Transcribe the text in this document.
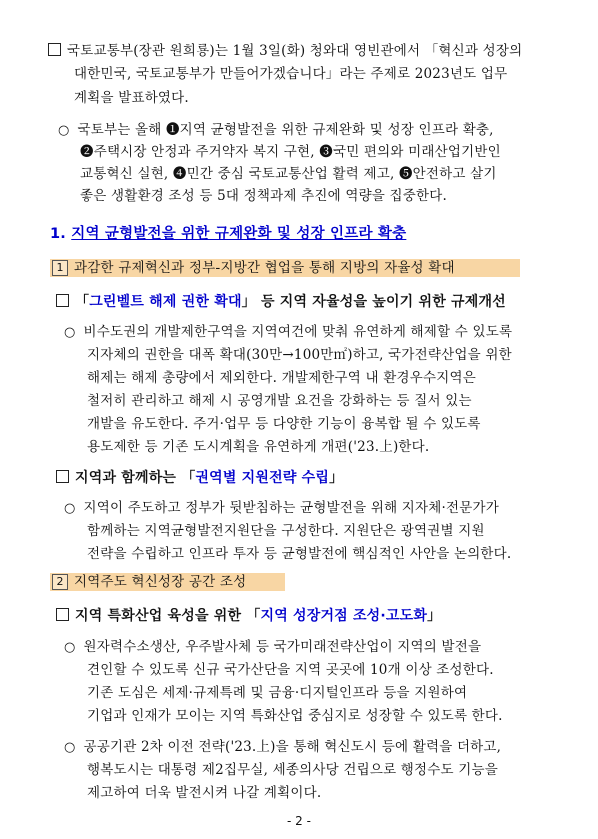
국토교통부(장관 원희룡)는 1월 3일(화) 청와대 영빈관에서 「혁신과 성장의
대한민국, 국토교통부가 만들어가겠습니다」라는 주제로 2023년도 업무
계획을 발표하였다.
○ 국토부는 올해 ❶지역 균형발전을 위한 규제완화 및 성장 인프라 확충,
❷주택시장 안정과 주거약자 복지 구현, ❸국민 편의와 미래산업기반인
교통혁신 실현, ❹민간 중심 국토교통산업 활력 제고, ❺안전하고 살기
좋은 생활환경 조성 등 5대 정책과제 추진에 역량을 집중한다.
1. 지역 균형발전을 위한 규제완화 및 성장 인프라 확충
1 과감한 규제혁신과 정부-지방간 협업을 통해 지방의 자율성 확대
「그린벨트 해제 권한 확대」 등 지역 자율성을 높이기 위한 규제개선
○ 비수도권의 개발제한구역을 지역여건에 맞춰 유연하게 해제할 수 있도록
지자체의 권한을 대폭 확대(30만→100만㎡)하고, 국가전략산업을 위한
해제는 해제 총량에서 제외한다. 개발제한구역 내 환경우수지역은
철저히 관리하고 해제 시 공영개발 요건을 강화하는 등 질서 있는
개발을 유도한다. 주거·업무 등 다양한 기능이 융복합 될 수 있도록
용도제한 등 기존 도시계획을 유연하게 개편('23.上)한다.
지역과 함께하는 「권역별 지원전략 수립」
○ 지역이 주도하고 정부가 뒷받침하는 균형발전을 위해 지자체·전문가가
함께하는 지역균형발전지원단을 구성한다. 지원단은 광역권별 지원
전략을 수립하고 인프라 투자 등 균형발전에 핵심적인 사안을 논의한다.
2 지역주도 혁신성장 공간 조성
지역 특화산업 육성을 위한 「지역 성장거점 조성·고도화」
○ 원자력수소생산, 우주발사체 등 국가미래전략산업이 지역의 발전을
견인할 수 있도록 신규 국가산단을 지역 곳곳에 10개 이상 조성한다.
기존 도심은 세제·규제특례 및 금융·디지털인프라 등을 지원하여
기업과 인재가 모이는 지역 특화산업 중심지로 성장할 수 있도록 한다.
○ 공공기관 2차 이전 전략('23.上)을 통해 혁신도시 등에 활력을 더하고,
행복도시는 대통령 제2집무실, 세종의사당 건립으로 행정수도 기능을
제고하여 더욱 발전시켜 나갈 계획이다.
- 2 -
